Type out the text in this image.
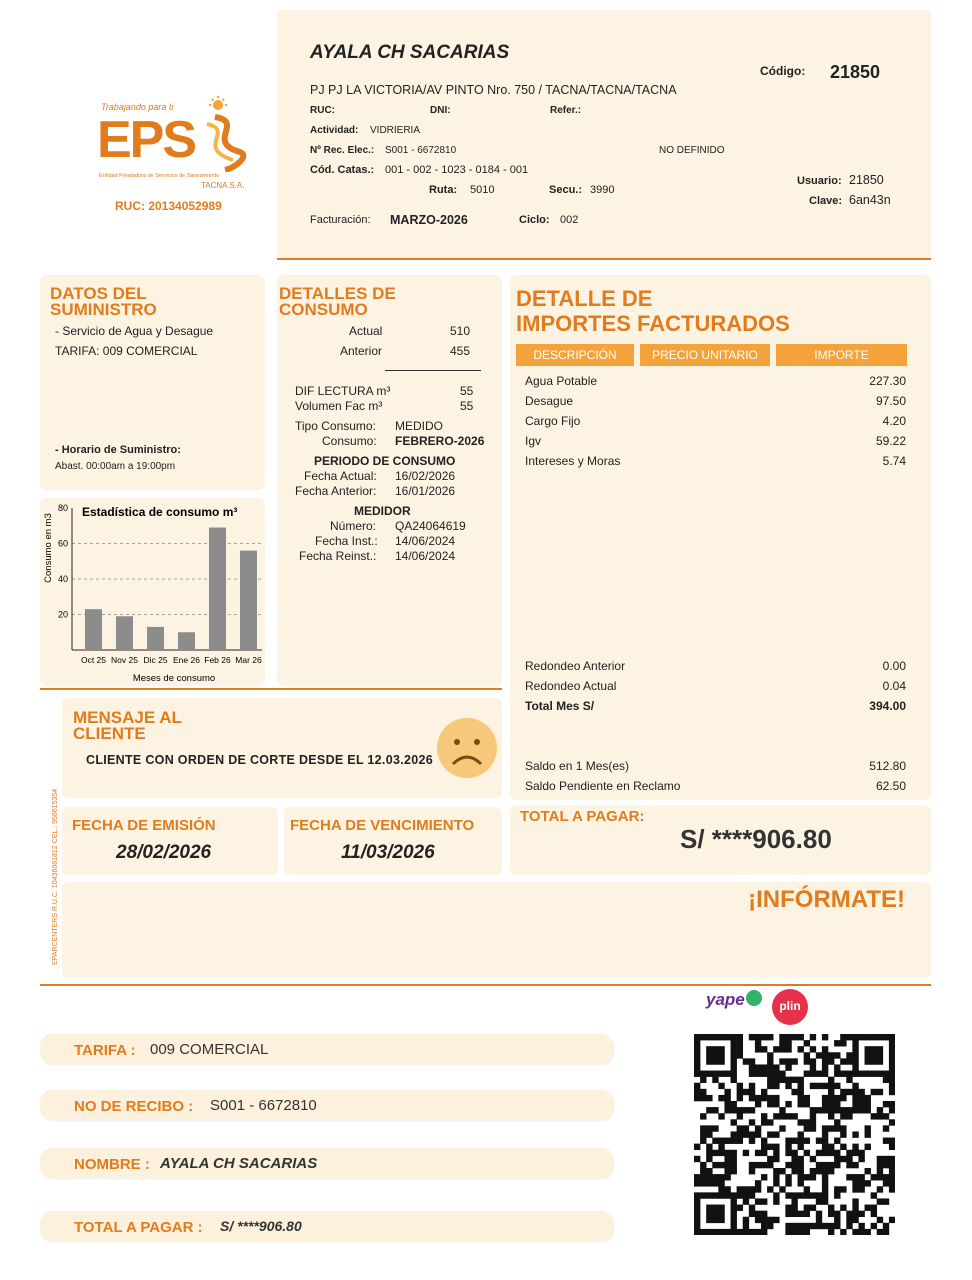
Trabajando para ti
EPS
Entidad Prestadora de Servicios de Saneamiento
TACNA S.A.
RUC: 20134052989
AYALA CH SACARIAS
PJ PJ LA VICTORIA/AV PINTO Nro. 750 / TACNA/TACNA/TACNA
Código: 21850
RUC:	DNI:	Refer.:
Actividad: VIDRIERIA
Nº Rec. Elec.: S001 - 6672810	NO DEFINIDO
Cód. Catas.: 001 - 002 - 1023 - 0184 - 001
Ruta: 5010	Secu.: 3990
Usuario: 21850
Clave: 6an43n
Facturación: MARZO-2026	Ciclo: 002
DATOS DEL
SUMINISTRO
- Servicio de Agua y Desague
TARIFA: 009 COMERCIAL
- Horario de Suministro:
Abast. 00:00am a 19:00pm
20
40
60
80
Oct 25 Nov 25 Dic 25 Ene 26 Feb 26 Mar 26
Estadística de consumo m³
Meses de consumo
Consumo en m3
DETALLES DE
CONSUMO
Actual	510
Anterior	455
DIF LECTURA m³	55
Volumen Fac m³	55
Tipo Consumo: MEDIDO
Consumo: FEBRERO-2026
PERIODO DE CONSUMO
Fecha Actual: 16/02/2026
Fecha Anterior: 16/01/2026
MEDIDOR
Número: QA24064619
Fecha Inst.: 14/06/2024
Fecha Reinst.: 14/06/2024
DETALLE DE
IMPORTES FACTURADOS
DESCRIPCIÓN	PRECIO UNITARIO	IMPORTE
Agua Potable	227.30
Desague	97.50
Cargo Fijo	4.20
Igv	59.22
Intereses y Moras	5.74
Redondeo Anterior	0.00
Redondeo Actual	0.04
Total Mes S/	394.00
Saldo en 1 Mes(es)	512.80
Saldo Pendiente en Reclamo	62.50
MENSAJE AL
CLIENTE
CLIENTE CON ORDEN DE CORTE DESDE EL 12.03.2026
EPARCENTERS R.U.C. 10436081812 CEL.: 958615354 FECHA DE EMISIÓN
28/02/2026
FECHA DE VENCIMIENTO
11/03/2026
TOTAL A PAGAR:
S/ ****906.80
¡INFÓRMATE!
TARIFA : 009 COMERCIAL
NO DE RECIBO : S001 - 6672810
NOMBRE : AYALA CH SACARIAS
TOTAL A PAGAR : S/ ****906.80
yape	plin
